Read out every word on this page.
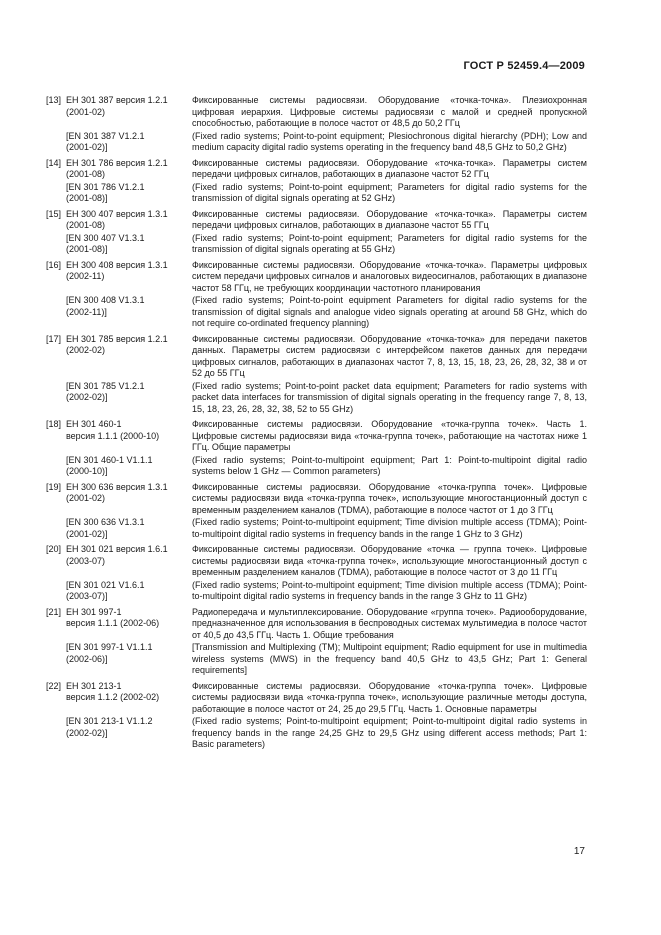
ГОСТ Р 52459.4—2009
[13] ЕН 301 387 версия 1.2.1
(2001-02)
Фиксированные системы радиосвязи. Оборудование «точка-точка». Плезиохронная цифровая иерархия. Цифровые системы радиосвязи с малой и средней пропускной способностью, работающие в полосе частот от 48,5 до 50,2 ГГц
[EN 301 387 V1.2.1
(2001-02)]
(Fixed radio systems; Point-to-point equipment; Plesiochronous digital hierarchy (PDH); Low and medium capacity digital radio systems operating in the frequency band 48,5 GHz to 50,2 GHz)
[14] ЕН 301 786 версия 1.2.1
(2001-08)
Фиксированные системы радиосвязи. Оборудование «точка-точка». Параметры систем передачи цифровых сигналов, работающих в диапазоне частот 52 ГГц
[EN 301 786 V1.2.1
(2001-08)]
(Fixed radio systems; Point-to-point equipment; Parameters for digital radio systems for the transmission of digital signals operating at 52 GHz)
[15] ЕН 300 407 версия 1.3.1
(2001-08)
Фиксированные системы радиосвязи. Оборудование «точка-точка». Параметры систем передачи цифровых сигналов, работающих в диапазоне частот 55 ГГц
[EN 300 407 V1.3.1
(2001-08)]
(Fixed radio systems; Point-to-point equipment; Parameters for digital radio systems for the transmission of digital signals operating at 55 GHz)
[16] ЕН 300 408 версия 1.3.1
(2002-11)
Фиксированные системы радиосвязи. Оборудование «точка-точка». Параметры цифровых систем передачи цифровых сигналов и аналоговых видеосигналов, работающих в диапазоне частот 58 ГГц, не требующих координации частотного планирования
[EN 300 408 V1.3.1
(2002-11)]
(Fixed radio systems; Point-to-point equipment Parameters for digital radio systems for the transmission of digital signals and analogue video signals operating at around 58 GHz, which do not require co-ordinated frequency planning)
[17] ЕН 301 785 версия 1.2.1
(2002-02)
Фиксированные системы радиосвязи. Оборудование «точка-точка» для передачи пакетов данных. Параметры систем радиосвязи с интерфейсом пакетов данных для передачи цифровых сигналов, работающих в диапазонах частот 7, 8, 13, 15, 18, 23, 26, 28, 32, 38 и от 52 до 55 ГГц
[EN 301 785 V1.2.1
(2002-02)]
(Fixed radio systems; Point-to-point packet data equipment; Parameters for radio systems with packet data interfaces for transmission of digital signals operating in the frequency range 7, 8, 13, 15, 18, 23, 26, 28, 32, 38, 52 to 55 GHz)
[18] ЕН 301 460-1
версия 1.1.1 (2000-10)
Фиксированные системы радиосвязи. Оборудование «точка-группа точек». Часть 1. Цифровые системы радиосвязи вида «точка-группа точек», работающие на частотах ниже 1 ГГц. Общие параметры
[EN 301 460-1 V1.1.1
(2000-10)]
(Fixed radio systems; Point-to-multipoint equipment; Part 1: Point-to-multipoint digital radio systems below 1 GHz — Common parameters)
[19] ЕН 300 636 версия 1.3.1
(2001-02)
Фиксированные системы радиосвязи. Оборудование «точка-группа точек». Цифровые системы радиосвязи вида «точка-группа точек», использующие многостанционный доступ с временным разделением каналов (TDMA), работающие в полосе частот от 1 до 3 ГГц
[EN 300 636 V1.3.1
(2001-02)]
(Fixed radio systems; Point-to-multipoint equipment; Time division multiple access (TDMA); Point-to-multipoint digital radio systems in frequency bands in the range 1 GHz to 3 GHz)
[20] ЕН 301 021 версия 1.6.1
(2003-07)
Фиксированные системы радиосвязи. Оборудование «точка — группа точек». Цифровые системы радиосвязи вида «точка-группа точек», использующие многостанционный доступ с временным разделением каналов (TDMA), работающие в полосе частот от 3 до 11 ГГц
[EN 301 021 V1.6.1
(2003-07)]
(Fixed radio systems; Point-to-multipoint equipment; Time division multiple access (TDMA); Point-to-multipoint digital radio systems in frequency bands in the range 3 GHz to 11 GHz)
[21] ЕН 301 997-1
версия 1.1.1 (2002-06)
Радиопередача и мультиплексирование. Оборудование «группа точек». Радиооборудование, предназначенное для использования в беспроводных системах мультимедиа в полосе частот от 40,5 до 43,5 ГГц. Часть 1. Общие требования
[EN 301 997-1 V1.1.1
(2002-06)]
[Transmission and Multiplexing (TM); Multipoint equipment; Radio equipment for use in multimedia wireless systems (MWS) in the frequency band 40,5 GHz to 43,5 GHz; Part 1: General requirements]
[22] ЕН 301 213-1
версия 1.1.2 (2002-02)
Фиксированные системы радиосвязи. Оборудование «точка-группа точек». Цифровые системы радиосвязи вида «точка-группа точек», использующие различные методы доступа, работающие в полосе частот от 24, 25 до 29,5 ГГц. Часть 1. Основные параметры
[EN 301 213-1 V1.1.2
(2002-02)]
(Fixed radio systems; Point-to-multipoint equipment; Point-to-multipoint digital radio systems in frequency bands in the range 24,25 GHz to 29,5 GHz using different access methods; Part 1: Basic parameters)
17
